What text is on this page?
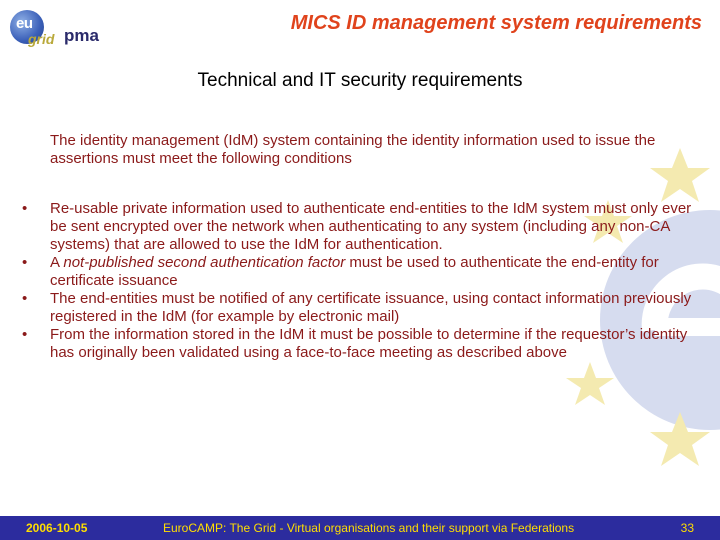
eu
grid pma
MICS ID management system requirements
Technical and IT security requirements

The identity management (IdM) system containing the identity information used to issue the assertions must meet the following conditions

• Re-usable private information used to authenticate end-entities to the IdM system must only ever be sent encrypted over the network when authenticating to any system (including any non-CA systems) that are allowed to use the IdM for authentication.
• A not-published second authentication factor must be used to authenticate the end-entity for certificate issuance
• The end-entities must be notified of any certificate issuance, using contact information previously registered in the IdM (for example by electronic mail)
• From the information stored in the IdM it must be possible to determine if the requestor’s identity has originally been validated using a face-to-face meeting as described above
2006-10-05	EuroCAMP: The Grid - Virtual organisations and their support via Federations	33
